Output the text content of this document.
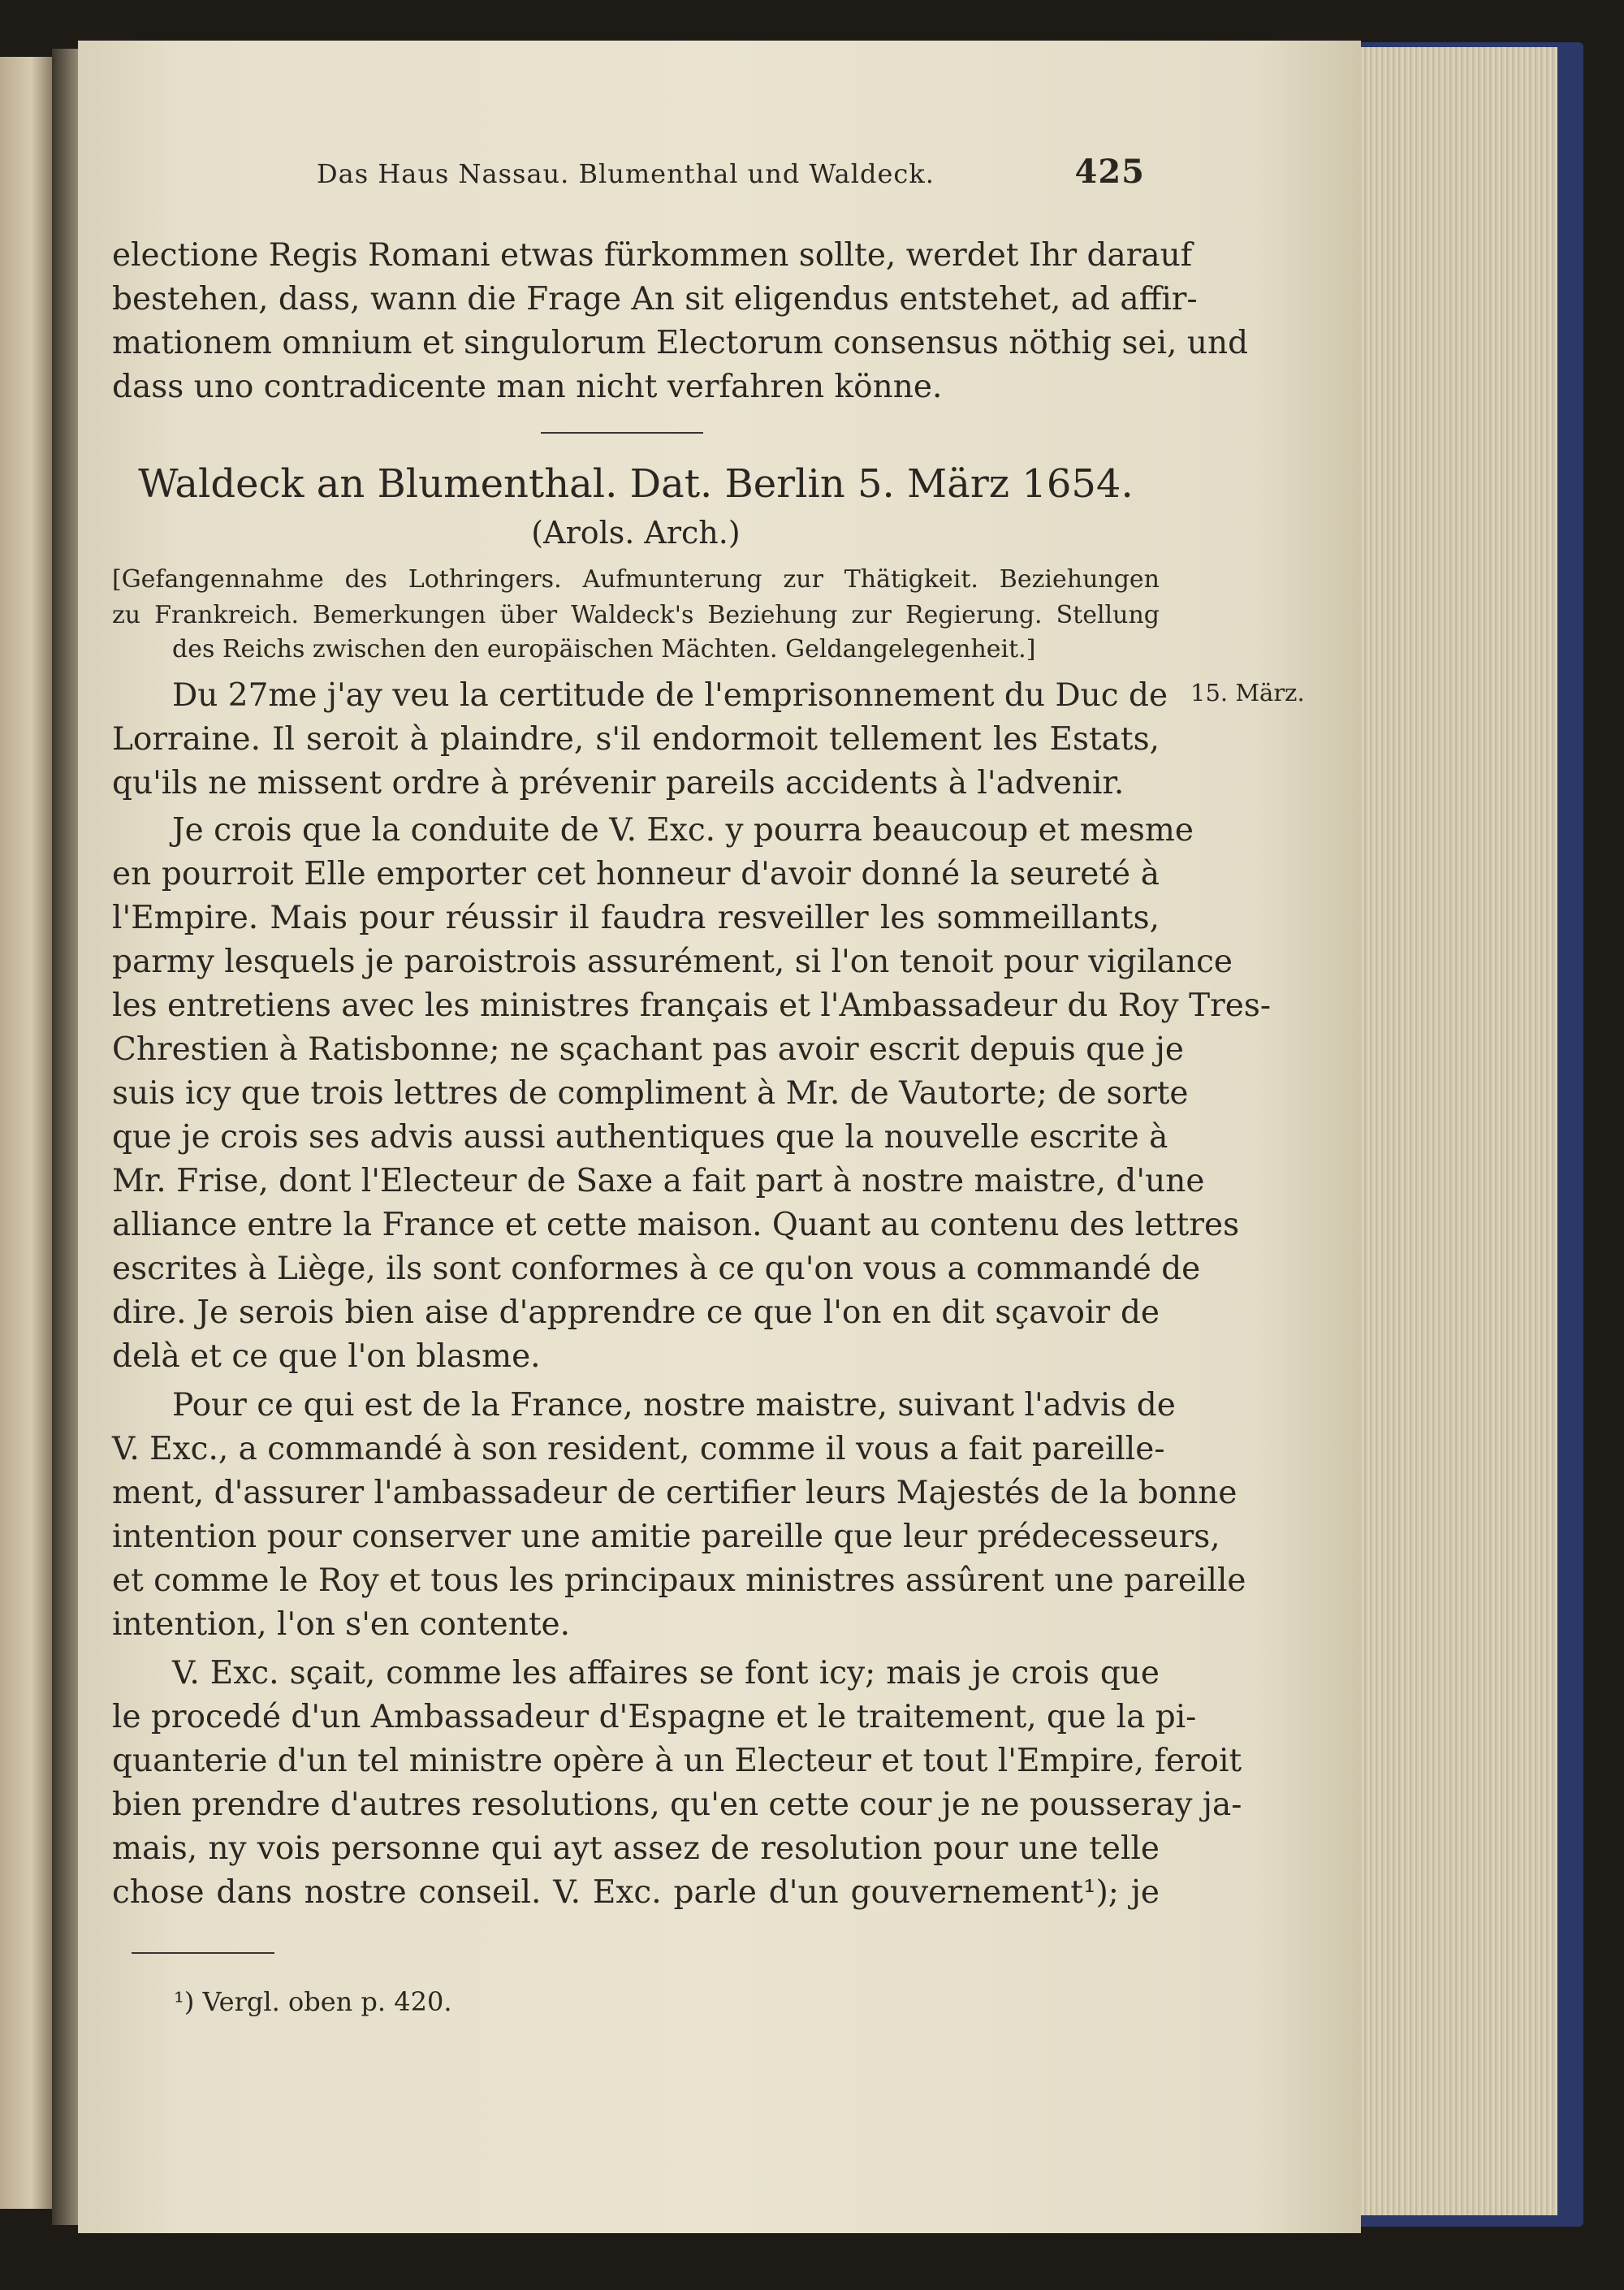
Das Haus Nassau. Blumenthal und Waldeck.	425
electione Regis Romani etwas fürkommen sollte, werdet Ihr darauf
bestehen, dass, wann die Frage An sit eligendus entstehet, ad affir-
mationem omnium et singulorum Electorum consensus nöthig sei, und
dass uno contradicente man nicht verfahren könne.
Waldeck an Blumenthal. Dat. Berlin 5. März 1654.
(Arols. Arch.)
[Gefangennahme des Lothringers. Aufmunterung zur Thätigkeit. Beziehungen
zu Frankreich. Bemerkungen über Waldeck's Beziehung zur Regierung. Stellung
des Reichs zwischen den europäischen Mächten. Geldangelegenheit.]
15. März.
Du 27me j'ay veu la certitude de l'emprisonnement du Duc de
Lorraine. Il seroit à plaindre, s'il endormoit tellement les Estats,
qu'ils ne missent ordre à prévenir pareils accidents à l'advenir.
Je crois que la conduite de V. Exc. y pourra beaucoup et mesme
en pourroit Elle emporter cet honneur d'avoir donné la seureté à
l'Empire. Mais pour réussir il faudra resveiller les sommeillants,
parmy lesquels je paroistrois assurément, si l'on tenoit pour vigilance
les entretiens avec les ministres français et l'Ambassadeur du Roy Tres-
Chrestien à Ratisbonne; ne sçachant pas avoir escrit depuis que je
suis icy que trois lettres de compliment à Mr. de Vautorte; de sorte
que je crois ses advis aussi authentiques que la nouvelle escrite à
Mr. Frise, dont l'Electeur de Saxe a fait part à nostre maistre, d'une
alliance entre la France et cette maison. Quant au contenu des lettres
escrites à Liège, ils sont conformes à ce qu'on vous a commandé de
dire. Je serois bien aise d'apprendre ce que l'on en dit sçavoir de
delà et ce que l'on blasme.
Pour ce qui est de la France, nostre maistre, suivant l'advis de
V. Exc., a commandé à son resident, comme il vous a fait pareille-
ment, d'assurer l'ambassadeur de certifier leurs Majestés de la bonne
intention pour conserver une amitie pareille que leur prédecesseurs,
et comme le Roy et tous les principaux ministres assûrent une pareille
intention, l'on s'en contente.
V. Exc. sçait, comme les affaires se font icy; mais je crois que
le procedé d'un Ambassadeur d'Espagne et le traitement, que la pi-
quanterie d'un tel ministre opère à un Electeur et tout l'Empire, feroit
bien prendre d'autres resolutions, qu'en cette cour je ne pousseray ja-
mais, ny vois personne qui ayt assez de resolution pour une telle
chose dans nostre conseil. V. Exc. parle d'un gouvernement¹); je
¹) Vergl. oben p. 420.
